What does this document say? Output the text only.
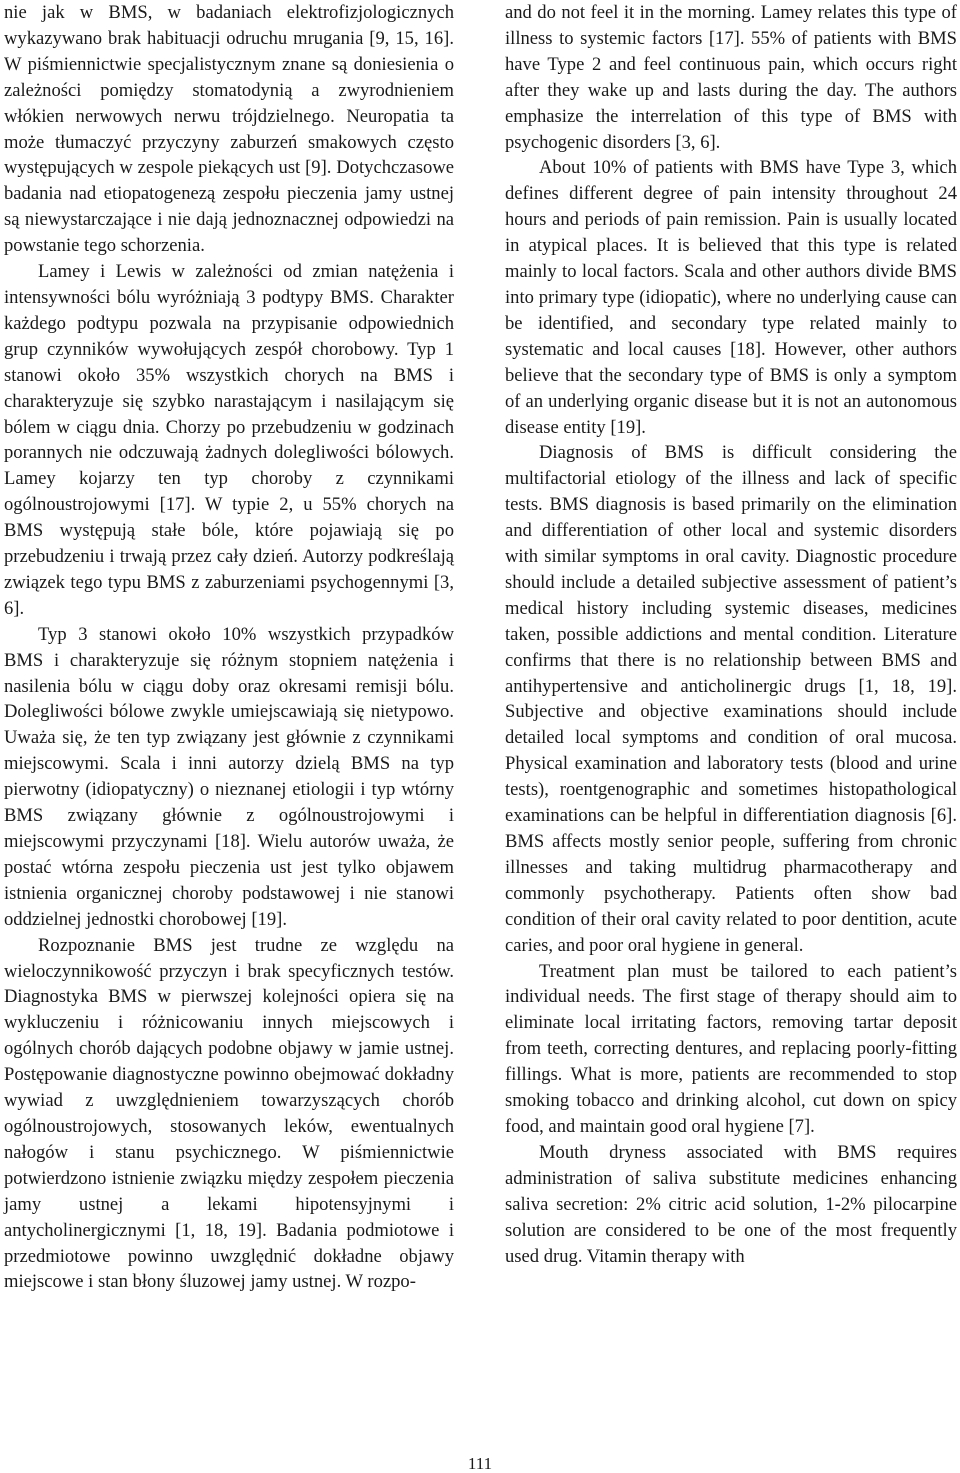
nie jak w BMS, w badaniach elektrofizjologicznych wykazywano brak habituacji odruchu mrugania [9, 15, 16]. W piśmiennictwie specjalistycznym znane są doniesienia o zależności pomiędzy stomatodynią a zwyrodnieniem włókien nerwowych nerwu trójdzielnego. Neuropatia ta może tłumaczyć przyczyny zaburzeń smakowych często występujących w zespole piekących ust [9]. Dotychczasowe badania nad etiopatogenezą zespołu pieczenia jamy ustnej są niewystarczające i nie dają jednoznacznej odpowiedzi na powstanie tego schorzenia.

Lamey i Lewis w zależności od zmian natężenia i intensywności bólu wyróżniają 3 podtypy BMS. Charakter każdego podtypu pozwala na przypisanie odpowiednich grup czynników wywołujących zespół chorobowy. Typ 1 stanowi około 35% wszystkich chorych na BMS i charakteryzuje się szybko narastającym i nasilającym się bólem w ciągu dnia. Chorzy po przebudzeniu w godzinach porannych nie odczuwają żadnych dolegliwości bólowych. Lamey kojarzy ten typ choroby z czynnikami ogólnoustrojowymi [17]. W typie 2, u 55% chorych na BMS występują stałe bóle, które pojawiają się po przebudzeniu i trwają przez cały dzień. Autorzy podkreślają związek tego typu BMS z zaburzeniami psychogennymi [3, 6].

Typ 3 stanowi około 10% wszystkich przypadków BMS i charakteryzuje się różnym stopniem natężenia i nasilenia bólu w ciągu doby oraz okresami remisji bólu. Dolegliwości bólowe zwykle umiejscawiają się nietypowo. Uważa się, że ten typ związany jest głównie z czynnikami miejscowymi. Scala i inni autorzy dzielą BMS na typ pierwotny (idiopatyczny) o nieznanej etiologii i typ wtórny BMS związany głównie z ogólnoustrojowymi i miejscowymi przyczynami [18]. Wielu autorów uważa, że postać wtórna zespołu pieczenia ust jest tylko objawem istnienia organicznej choroby podstawowej i nie stanowi oddzielnej jednostki chorobowej [19].

Rozpoznanie BMS jest trudne ze względu na wieloczynnikowość przyczyn i brak specyficznych testów. Diagnostyka BMS w pierwszej kolejności opiera się na wykluczeniu i różnicowaniu innych miejscowych i ogólnych chorób dających podobne objawy w jamie ustnej. Postępowanie diagnostyczne powinno obejmować dokładny wywiad z uwzględnieniem towarzyszących chorób ogólnoustrojowych, stosowanych leków, ewentualnych nałogów i stanu psychicznego. W piśmiennictwie potwierdzono istnienie związku między zespołem pieczenia jamy ustnej a lekami hipotensyjnymi i antycholinergicznymi [1, 18, 19]. Badania podmiotowe i przedmiotowe powinno uwzględnić dokładne objawy miejscowe i stan błony śluzowej jamy ustnej. W rozpo-

and do not feel it in the morning. Lamey relates this type of illness to systemic factors [17]. 55% of patients with BMS have Type 2 and feel continuous pain, which occurs right after they wake up and lasts during the day. The authors emphasize the interrelation of this type of BMS with psychogenic disorders [3, 6].

About 10% of patients with BMS have Type 3, which defines different degree of pain intensity throughout 24 hours and periods of pain remission. Pain is usually located in atypical places. It is believed that this type is related mainly to local factors. Scala and other authors divide BMS into primary type (idiopatic), where no underlying cause can be identified, and secondary type related mainly to systematic and local causes [18]. However, other authors believe that the secondary type of BMS is only a symptom of an underlying organic disease but it is not an autonomous disease entity [19].

Diagnosis of BMS is difficult considering the multifactorial etiology of the illness and lack of specific tests. BMS diagnosis is based primarily on the elimination and differentiation of other local and systemic disorders with similar symptoms in oral cavity. Diagnostic procedure should include a detailed subjective assessment of patient’s medical history including systemic diseases, medicines taken, possible addictions and mental condition. Literature confirms that there is no relationship between BMS and antihypertensive and anticholinergic drugs [1, 18, 19]. Subjective and objective examinations should include detailed local symptoms and condition of oral mucosa. Physical examination and laboratory tests (blood and urine tests), roentgenographic and sometimes histopathological examinations can be helpful in differentiation diagnosis [6]. BMS affects mostly senior people, suffering from chronic illnesses and taking multidrug pharmacotherapy and commonly psychotherapy. Patients often show bad condition of their oral cavity related to poor dentition, acute caries, and poor oral hygiene in general.

Treatment plan must be tailored to each patient’s individual needs. The first stage of therapy should aim to eliminate local irritating factors, removing tartar deposit from teeth, correcting dentures, and replacing poorly-fitting fillings. What is more, patients are recommended to stop smoking tobacco and drinking alcohol, cut down on spicy food, and maintain good oral hygiene [7].

Mouth dryness associated with BMS requires administration of saliva substitute medicines enhancing saliva secretion: 2% citric acid solution, 1-2% pilocarpine solution are considered to be one of the most frequently used drug. Vitamin therapy with

111
